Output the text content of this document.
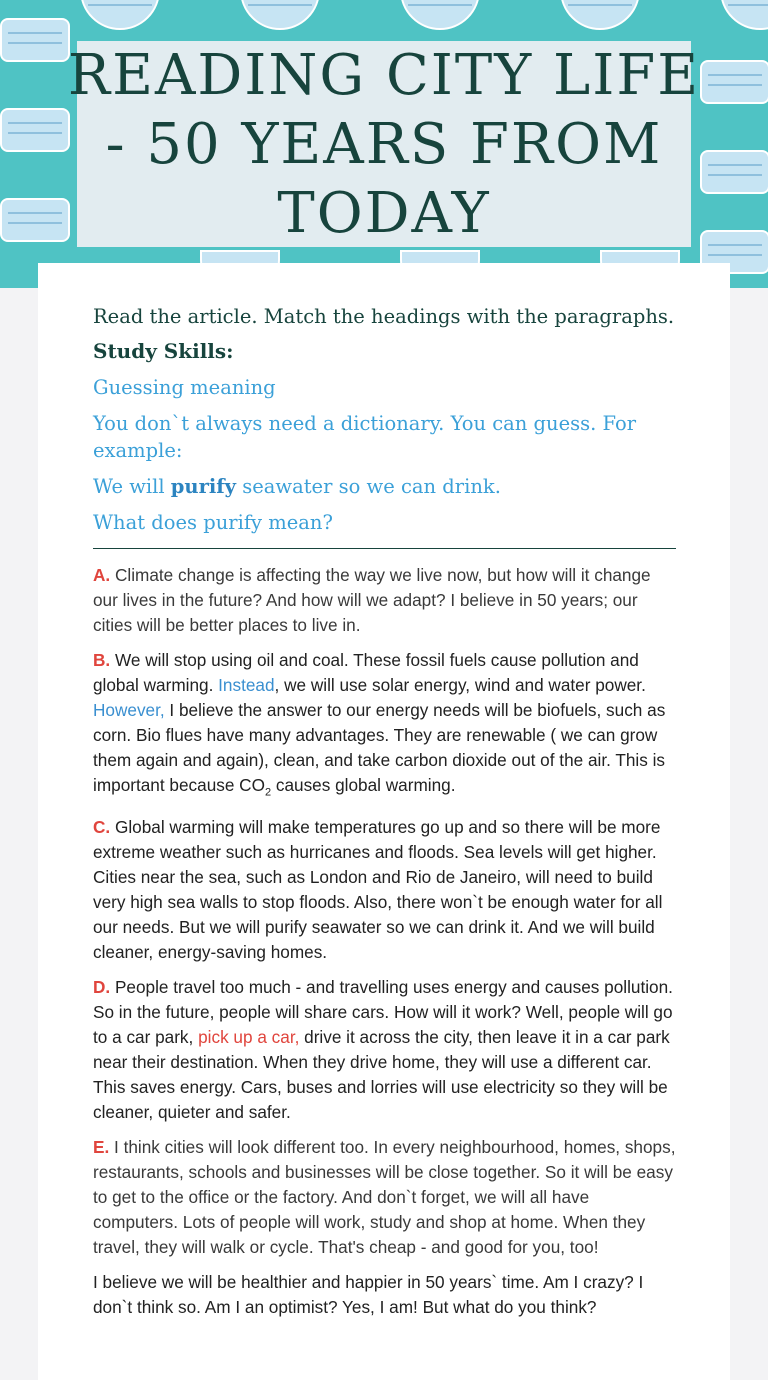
READING CITY LIFE - 50 YEARS FROM TODAY

Read the article. Match the headings with the paragraphs.

Study Skills:

Guessing meaning

You don`t always need a dictionary. You can guess. For example:

We will purify seawater so we can drink.

What does purify mean?

A. Climate change is affecting the way we live now, but how will it change our lives in the future? And how will we adapt? I believe in 50 years; our cities will be better places to live in.

B. We will stop using oil and coal. These fossil fuels cause pollution and global warming. Instead, we will use solar energy, wind and water power. However, I believe the answer to our energy needs will be biofuels, such as corn. Bio flues have many advantages. They are renewable ( we can grow them again and again), clean, and take carbon dioxide out of the air. This is important because $CO_2$ causes global warming.

C. Global warming will make temperatures go up and so there will be more extreme weather such as hurricanes and floods. Sea levels will get higher. Cities near the sea, such as London and Rio de Janeiro, will need to build very high sea walls to stop floods. Also, there won`t be enough water for all our needs. But we will purify seawater so we can drink it. And we will build cleaner, energy-saving homes.

D. People travel too much - and travelling uses energy and causes pollution. So in the future, people will share cars. How will it work? Well, people will go to a car park, pick up a car, drive it across the city, then leave it in a car park near their destination. When they drive home, they will use a different car. This saves energy. Cars, buses and lorries will use electricity so they will be cleaner, quieter and safer.

E. I think cities will look different too. In every neighbourhood, homes, shops, restaurants, schools and businesses will be close together. So it will be easy to get to the office or the factory. And don`t forget, we will all have computers. Lots of people will work, study and shop at home. When they travel, they will walk or cycle. That's cheap - and good for you, too!

I believe we will be healthier and happier in 50 years` time. Am I crazy? I don`t think so. Am I an optimist? Yes, I am! But what do you think?
